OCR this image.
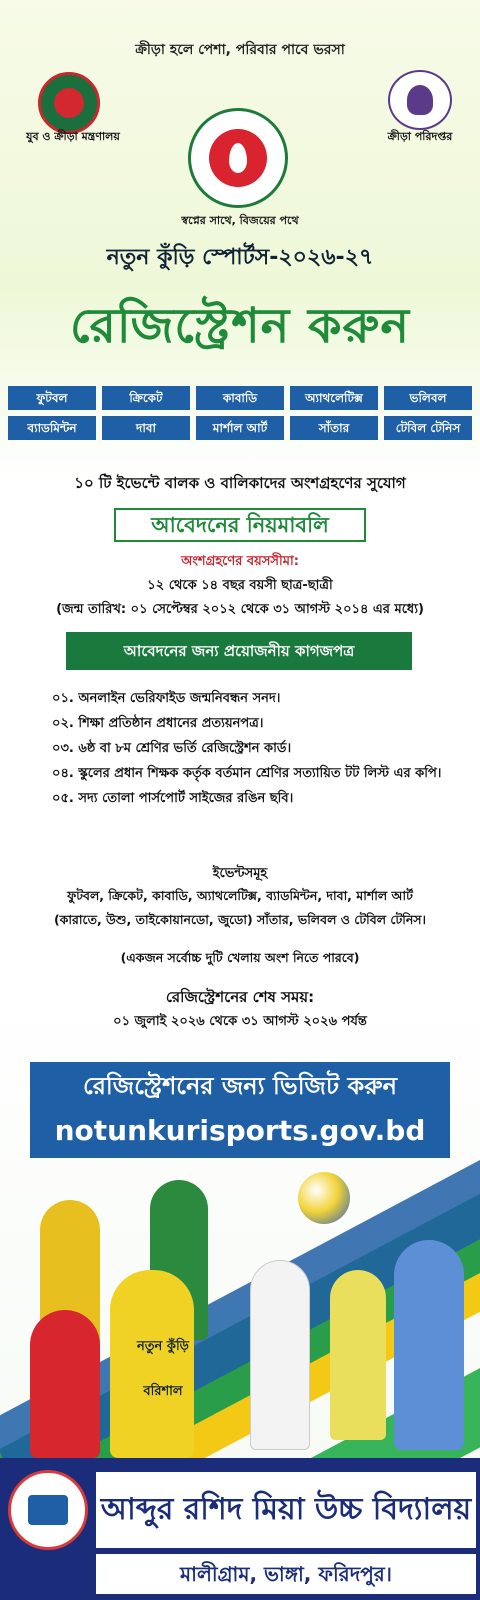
ক্রীড়া হলে পেশা, পরিবার পাবে ভরসা
যুব ও ক্রীড়া মন্ত্রণালয়	ক্রীড়া পরিদপ্তর
স্বপ্নের সাথে, বিজয়ের পথে
নতুন কুঁড়ি স্পোর্টস-২০২৬-২৭
রেজিস্ট্রেশন করুন
ফুটবল	ক্রিকেট	কাবাডি	অ্যাথলেটিক্স	ভলিবল
ব্যাডমিন্টন	দাবা	মার্শাল আর্ট	সাঁতার	টেবিল টেনিস
১০ টি ইভেন্টে বালক ও বালিকাদের অংশগ্রহণের সুযোগ
আবেদনের নিয়মাবলি
অংশগ্রহণের বয়সসীমা:
১২ থেকে ১৪ বছর বয়সী ছাত্র-ছাত্রী
(জন্ম তারিখ: ০১ সেপ্টেম্বর ২০১২ থেকে ৩১ আগস্ট ২০১৪ এর মধ্যে)
আবেদনের জন্য প্রয়োজনীয় কাগজপত্র
০১. অনলাইন ভেরিফাইড জন্মনিবন্ধন সনদ।
০২. শিক্ষা প্রতিষ্ঠান প্রধানের প্রত্যয়নপত্র।
০৩. ৬ষ্ঠ বা ৮ম শ্রেণির ভর্তি রেজিস্ট্রেশন কার্ড।
০৪. স্কুলের প্রধান শিক্ষক কর্তৃক বর্তমান শ্রেণির সত্যায়িত টট লিস্ট এর কপি।
০৫. সদ্য তোলা পার্সপোর্ট সাইজের রঙিন ছবি।
ইভেন্টসমূহ
ফুটবল, ক্রিকেট, কাবাডি, অ্যাথলেটিক্স, ব্যাডমিন্টন, দাবা, মার্শাল আর্ট
(কারাতে, উশু, তাইকোয়ানডো, জুডো) সাঁতার, ভলিবল ও টেবিল টেনিস।
(একজন সর্বোচ্চ দুটি খেলায় অংশ নিতে পারবে)
রেজিস্ট্রেশনের শেষ সময়:
০১ জুলাই ২০২৬ থেকে ৩১ আগস্ট ২০২৬ পর্যন্ত
রেজিস্ট্রেশনের জন্য ভিজিট করুন
notunkurisports.gov.bd
নতুন কুঁড়ি
বরিশাল
আব্দুর রশিদ মিয়া উচ্চ বিদ্যালয়
মালীগ্রাম, ভাঙ্গা, ফরিদপুর।
